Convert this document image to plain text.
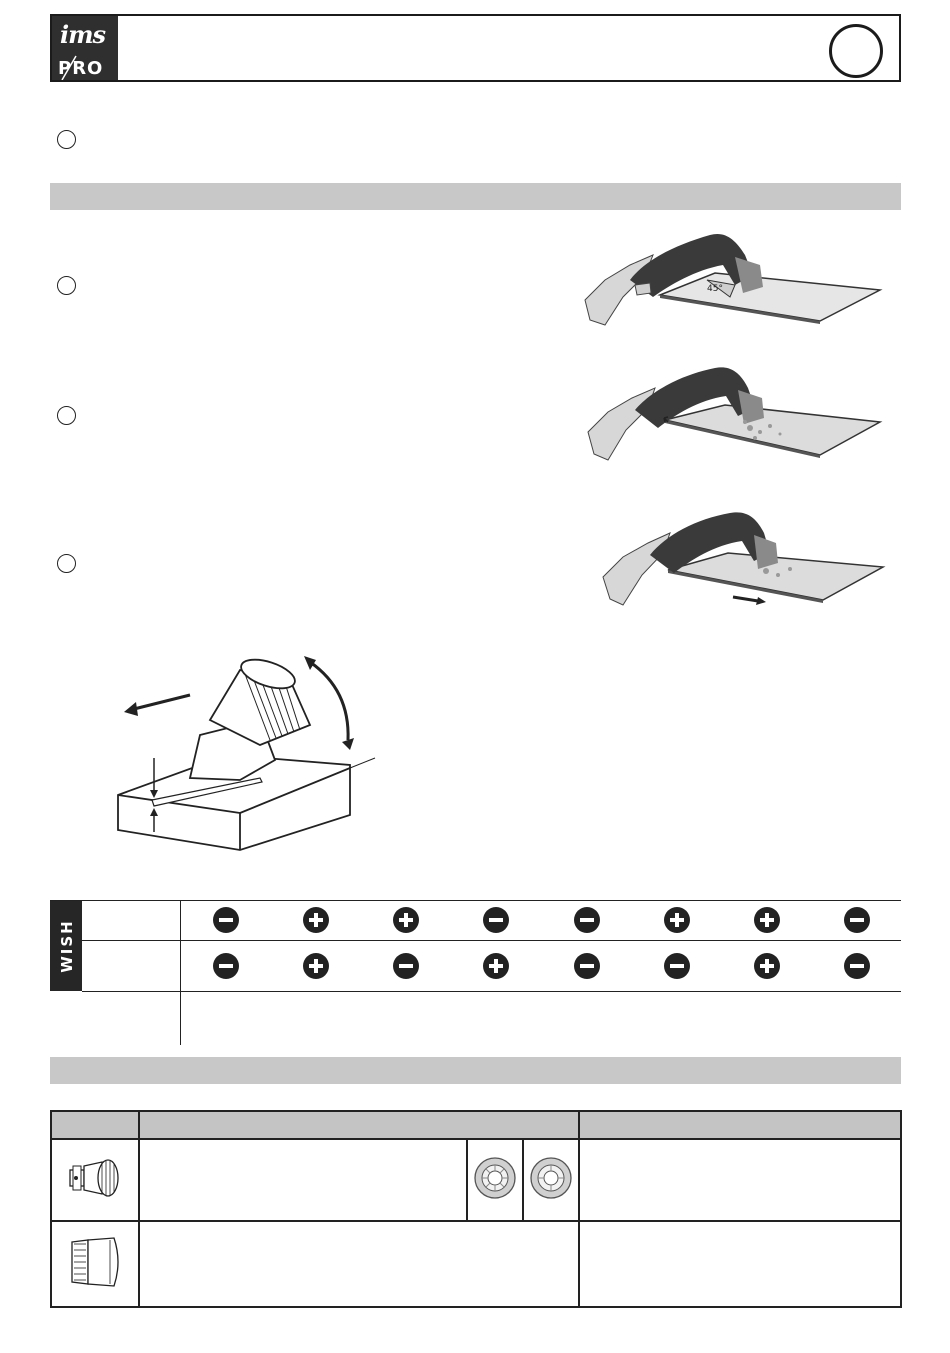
ims
PRO
45°
WISH
